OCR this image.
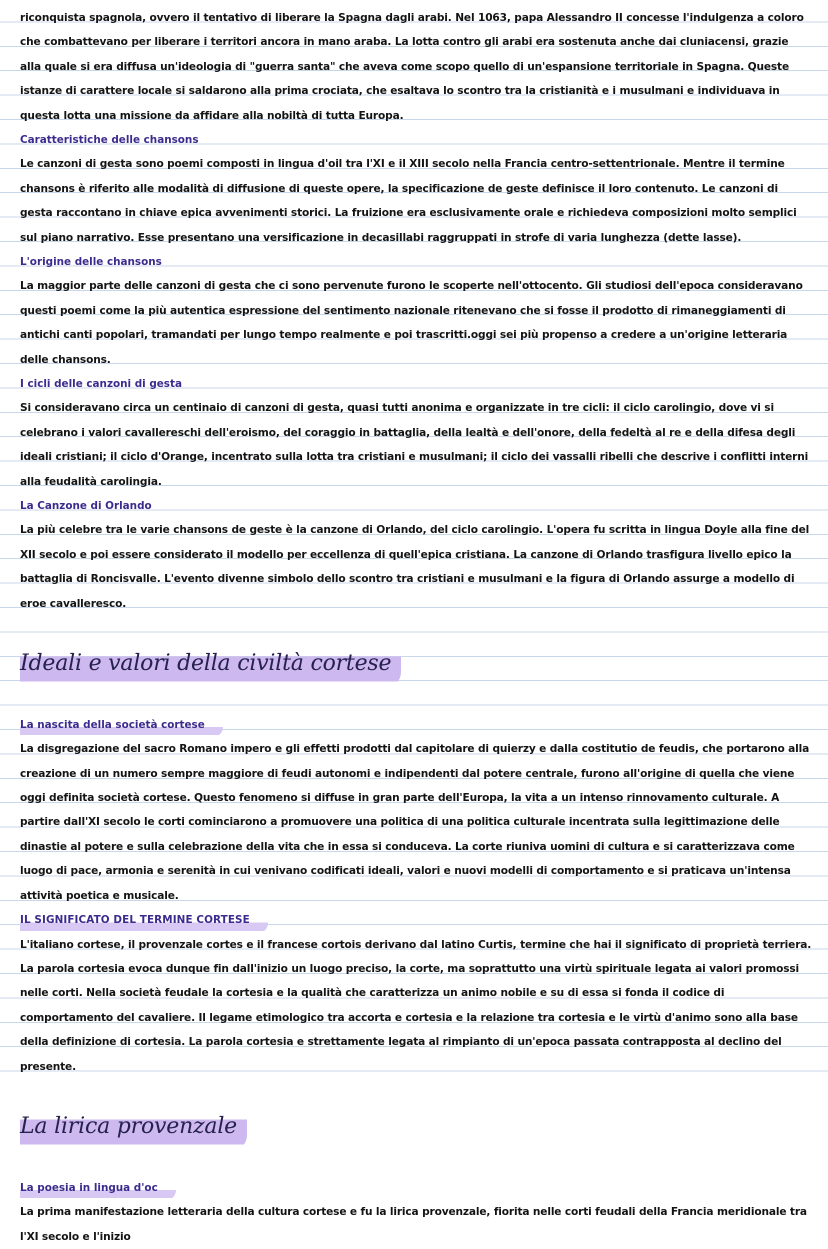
riconquista spagnola, ovvero il tentativo di liberare la Spagna dagli arabi. Nel 1063, papa Alessandro II concesse l'indulgenza a coloro che combattevano per liberare i territori ancora in mano araba. La lotta contro gli arabi era sostenuta anche dai cluniacensi, grazie alla quale si era diffusa un'ideologia di "guerra santa" che aveva come scopo quello di un'espansione territoriale in Spagna. Queste istanze di carattere locale si saldarono alla prima crociata, che esaltava lo scontro tra la cristianità e i musulmani e individuava in questa lotta una missione da affidare alla nobiltà di tutta Europa.

Caratteristiche delle chansons

Le canzoni di gesta sono poemi composti in lingua d'oil tra l'XI e il XIII secolo nella Francia centro-settentrionale. Mentre il termine chansons è riferito alle modalità di diffusione di queste opere, la specificazione de geste definisce il loro contenuto. Le canzoni di gesta raccontano in chiave epica avvenimenti storici. La fruizione era esclusivamente orale e richiedeva composizioni molto semplici sul piano narrativo. Esse presentano una versificazione in decasillabi raggruppati in strofe di varia lunghezza (dette lasse).

L'origine delle chansons

La maggior parte delle canzoni di gesta che ci sono pervenute furono le scoperte nell'ottocento. Gli studiosi dell'epoca consideravano questi poemi come la più autentica espressione del sentimento nazionale ritenevano che si fosse il prodotto di rimaneggiamenti di antichi canti popolari, tramandati per lungo tempo realmente e poi trascritti.oggi sei più propenso a credere a un'origine letteraria delle chansons.

I cicli delle canzoni di gesta

Si consideravano circa un centinaio di canzoni di gesta, quasi tutti anonima e organizzate in tre cicli: il ciclo carolingio, dove vi si celebrano i valori cavallereschi dell'eroismo, del coraggio in battaglia, della lealtà e dell'onore, della fedeltà al re e della difesa degli ideali cristiani; il ciclo d'Orange, incentrato sulla lotta tra cristiani e musulmani; il ciclo dei vassalli ribelli che descrive i conflitti interni alla feudalità carolingia.

La Canzone di Orlando

La più celebre tra le varie chansons de geste è la canzone di Orlando, del ciclo carolingio. L'opera fu scritta in lingua Doyle alla fine del XII secolo e poi essere considerato il modello per eccellenza di quell'epica cristiana. La canzone di Orlando trasfigura livello epico la battaglia di Roncisvalle. L'evento divenne simbolo dello scontro tra cristiani e musulmani e la figura di Orlando assurge a modello di eroe cavalleresco.

Ideali e valori della civiltà cortese
La nascita della società cortese

La disgregazione del sacro Romano impero e gli effetti prodotti dal capitolare di quierzy e dalla costitutio de feudis, che portarono alla creazione di un numero sempre maggiore di feudi autonomi e indipendenti dal potere centrale, furono all'origine di quella che viene oggi definita società cortese. Questo fenomeno si diffuse in gran parte dell'Europa, la vita a un intenso rinnovamento culturale. A partire dall'XI secolo le corti cominciarono a promuovere una politica di una politica culturale incentrata sulla legittimazione delle dinastie al potere e sulla celebrazione della vita che in essa si conduceva. La corte riuniva uomini di cultura e si caratterizzava come luogo di pace, armonia e serenità in cui venivano codificati ideali, valori e nuovi modelli di comportamento e si praticava un'intensa attività poetica e musicale.

IL SIGNIFICATO DEL TERMINE CORTESE

L'italiano cortese, il provenzale cortes e il francese cortois derivano dal latino Curtis, termine che hai il significato di proprietà terriera. La parola cortesia evoca dunque fin dall'inizio un luogo preciso, la corte, ma soprattutto una virtù spirituale legata ai valori promossi nelle corti. Nella società feudale la cortesia e la qualità che caratterizza un animo nobile e su di essa si fonda il codice di comportamento del cavaliere. Il legame etimologico tra accorta e cortesia e la relazione tra cortesia e le virtù d'animo sono alla base della definizione di cortesia. La parola cortesia e strettamente legata al rimpianto di un'epoca passata contrapposta al declino del presente.

La lirica provenzale
La poesia in lingua d'oc

La prima manifestazione letteraria della cultura cortese e fu la lirica provenzale, fiorita nelle corti feudali della Francia meridionale tra l'XI secolo e l'inizio
